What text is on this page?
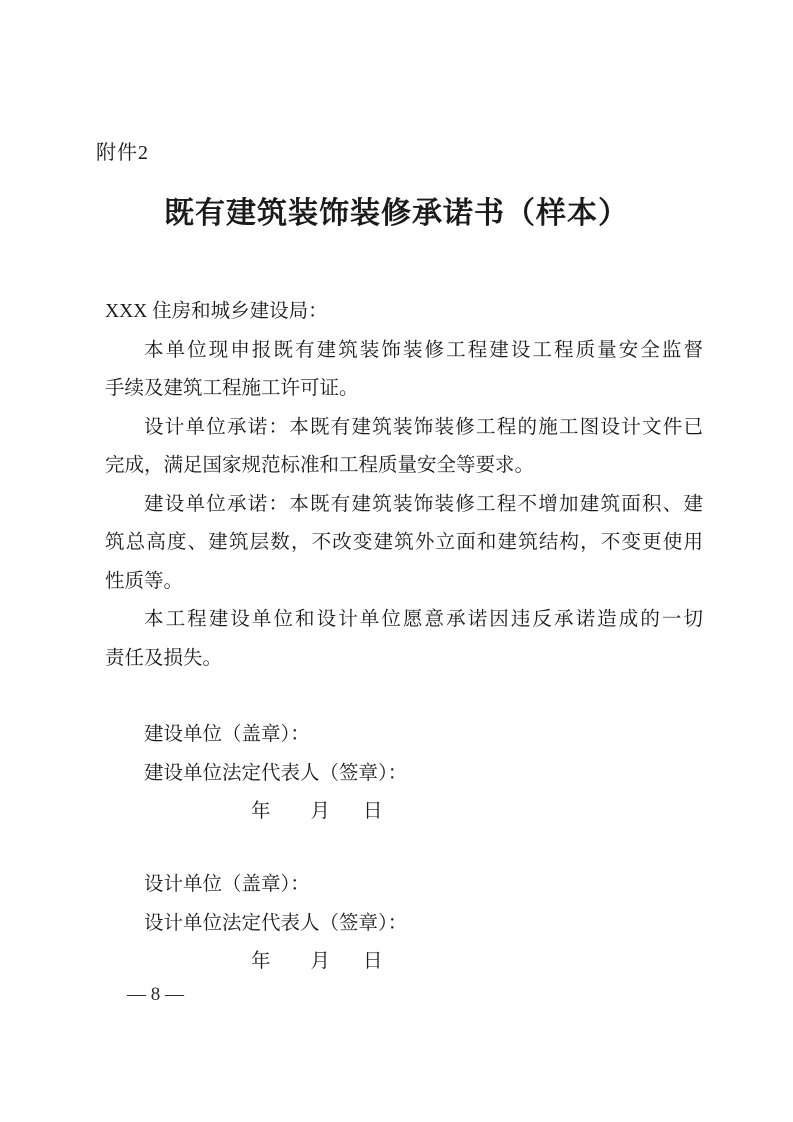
附件2
既有建筑装饰装修承诺书（样本）
XXX 住房和城乡建设局：
本单位现申报既有建筑装饰装修工程建设工程质量安全监督
手续及建筑工程施工许可证。
设计单位承诺：本既有建筑装饰装修工程的施工图设计文件已
完成，满足国家规范标准和工程质量安全等要求。
建设单位承诺：本既有建筑装饰装修工程不增加建筑面积、建
筑总高度、建筑层数，不改变建筑外立面和建筑结构，不变更使用
性质等。
本工程建设单位和设计单位愿意承诺因违反承诺造成的一切
责任及损失。
建设单位（盖章）：
建设单位法定代表人（签章）：
年 月 日
设计单位（盖章）：
设计单位法定代表人（签章）：
年 月 日
— 8 —
